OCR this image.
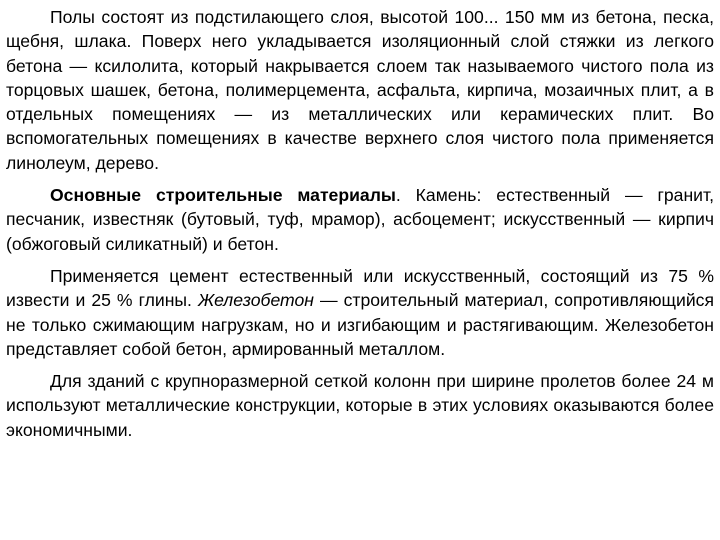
Полы состоят из подстилающего слоя, высотой 100... 150 мм из бетона, песка, щебня, шлака. Поверх него укладывается изоляционный слой стяжки из легкого бетона — ксилолита, который накрывается слоем так называемого чистого пола из торцовых шашек, бетона, полимерцемента, асфальта, кирпича, мозаичных плит, а в отдельных помещениях — из металлических или керамических плит. Во вспомогательных помещениях в качестве верхнего слоя чистого пола применяется линолеум, дерево.

Основные строительные материалы. Камень: естественный — гранит, песчаник, известняк (бутовый, туф, мрамор), асбоцемент; искусственный — кирпич (обжоговый силикатный) и бетон.

Применяется цемент естественный или искусственный, состоящий из 75 % извести и 25 % глины. Железобетон — строительный материал, сопротивляющийся не только сжимающим нагрузкам, но и изгибающим и растягивающим. Железобетон представляет собой бетон, армированный металлом.

Для зданий с крупноразмерной сеткой колонн при ширине пролетов более 24 м используют металлические конструкции, которые в этих условиях оказываются более экономичными.
